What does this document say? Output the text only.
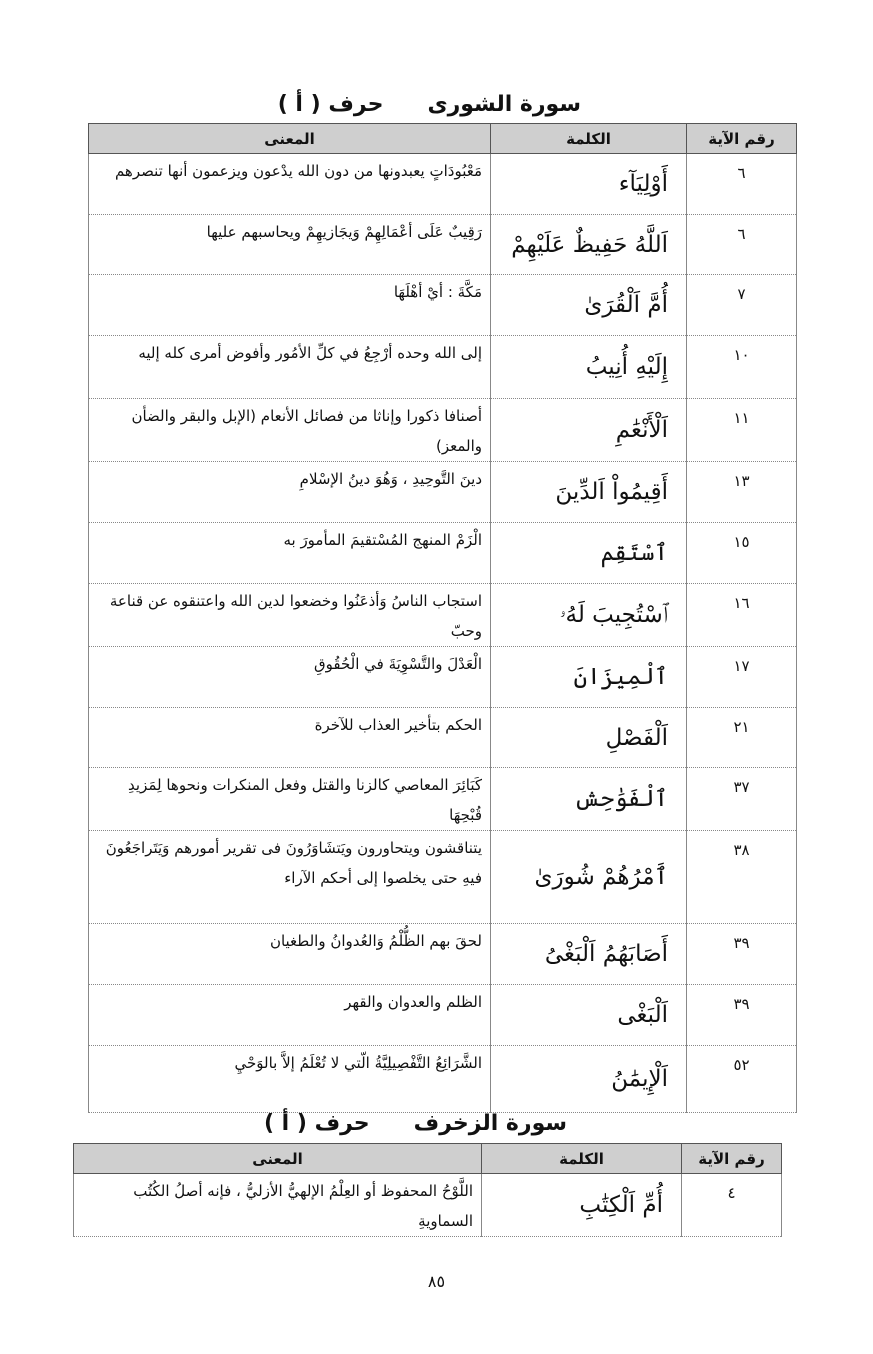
سورة الشورىحرف ( أ )
رقم الآية	الكلمة	المعنى
٦	أَوْلِيَآء	مَعْبُودَاتٍ يعبدونها من دون الله يدْعون ويزعمون أنها تنصرهم
٦	اَللَّهُ حَفِيظٌ عَلَيْهِمْ	رَقِيبٌ عَلَى أعْمَالِهِمْ وَيجَازيهِمْ ويحاسبهم عليها
٧	أُمَّ اَلْقُرَىٰ	مَكَّةَ : أيْ أهْلَهَا
١٠	إِلَيْهِ أُنِيبُ	إلى الله وحده أرْجِعُ في كلِّ الأمُور وأفوض أمرى كله إليه
١١	اَلْأَنْعَٰمِ	أصنافا ذكورا وإناثا من فصائل الأنعام (الإبل والبقر والضأن والمعز)
١٣	أَقِيمُواْ اَلدِّينَ	دينَ التَّوحِيدِ ، وَهُوَ دينُ الإسْلامِ
١٥	ٱسْتَقِم	الْزَمْ المنهج المُسْتقيمَ المأمورَ به
١٦	ٱسْتُجِيبَ لَهُۥ	استجاب الناسُ وَأذعَنُوا وخضعوا لدين الله واعتنقوه عن قناعة وحبّ
١٧	ٱلْمِيزَانَ	الْعَدْلَ والتَّسْوِيَةَ في الْحُقُوقِ
٢١	اَلْفَصْلِ	الحكم بتأخير العذاب للآخرة
٣٧	ٱلْفَوَٰحِش	كَبَائِرَ المعاصي كالزنا والقتل وفعل المنكرات ونحوها لِمَزيدِ قُبْحِهَا
٣٨	ٱَمْرُهُمْ شُورَىٰ	يتناقشون ويتحاورون ويَتشَاوَرُونَ فى تقرير أمورهم وَيَتَراجَعُونَ فيهِ حتى يخلصوا إلى أحكم الآراء
٣٩	أَصَابَهُمُ اَلْبَغْىُ	لحقَ بهم الظُّلْمُ وَالعُدوانُ والطغيان
٣٩	اَلْبَغْى	الظلم والعدوان والقهر
٥٢	اَلْإِيمَٰنُ	الشَّرَائِعُ التَّفْصِيلِيَّةُ الّتي لا تُعْلَمُ إلاَّ بالوَحْيِ
سورة الزخرفحرف ( أ )
رقم الآية	الكلمة	المعنى
٤	أُمِّ اَلْكِتَٰبِ	اللَّوْحُ المحفوظ أو العِلْمُ الإلهيُّ الأزليُّ ، فإنه أصلُ الكُتُب السماويةِ
٨٥
